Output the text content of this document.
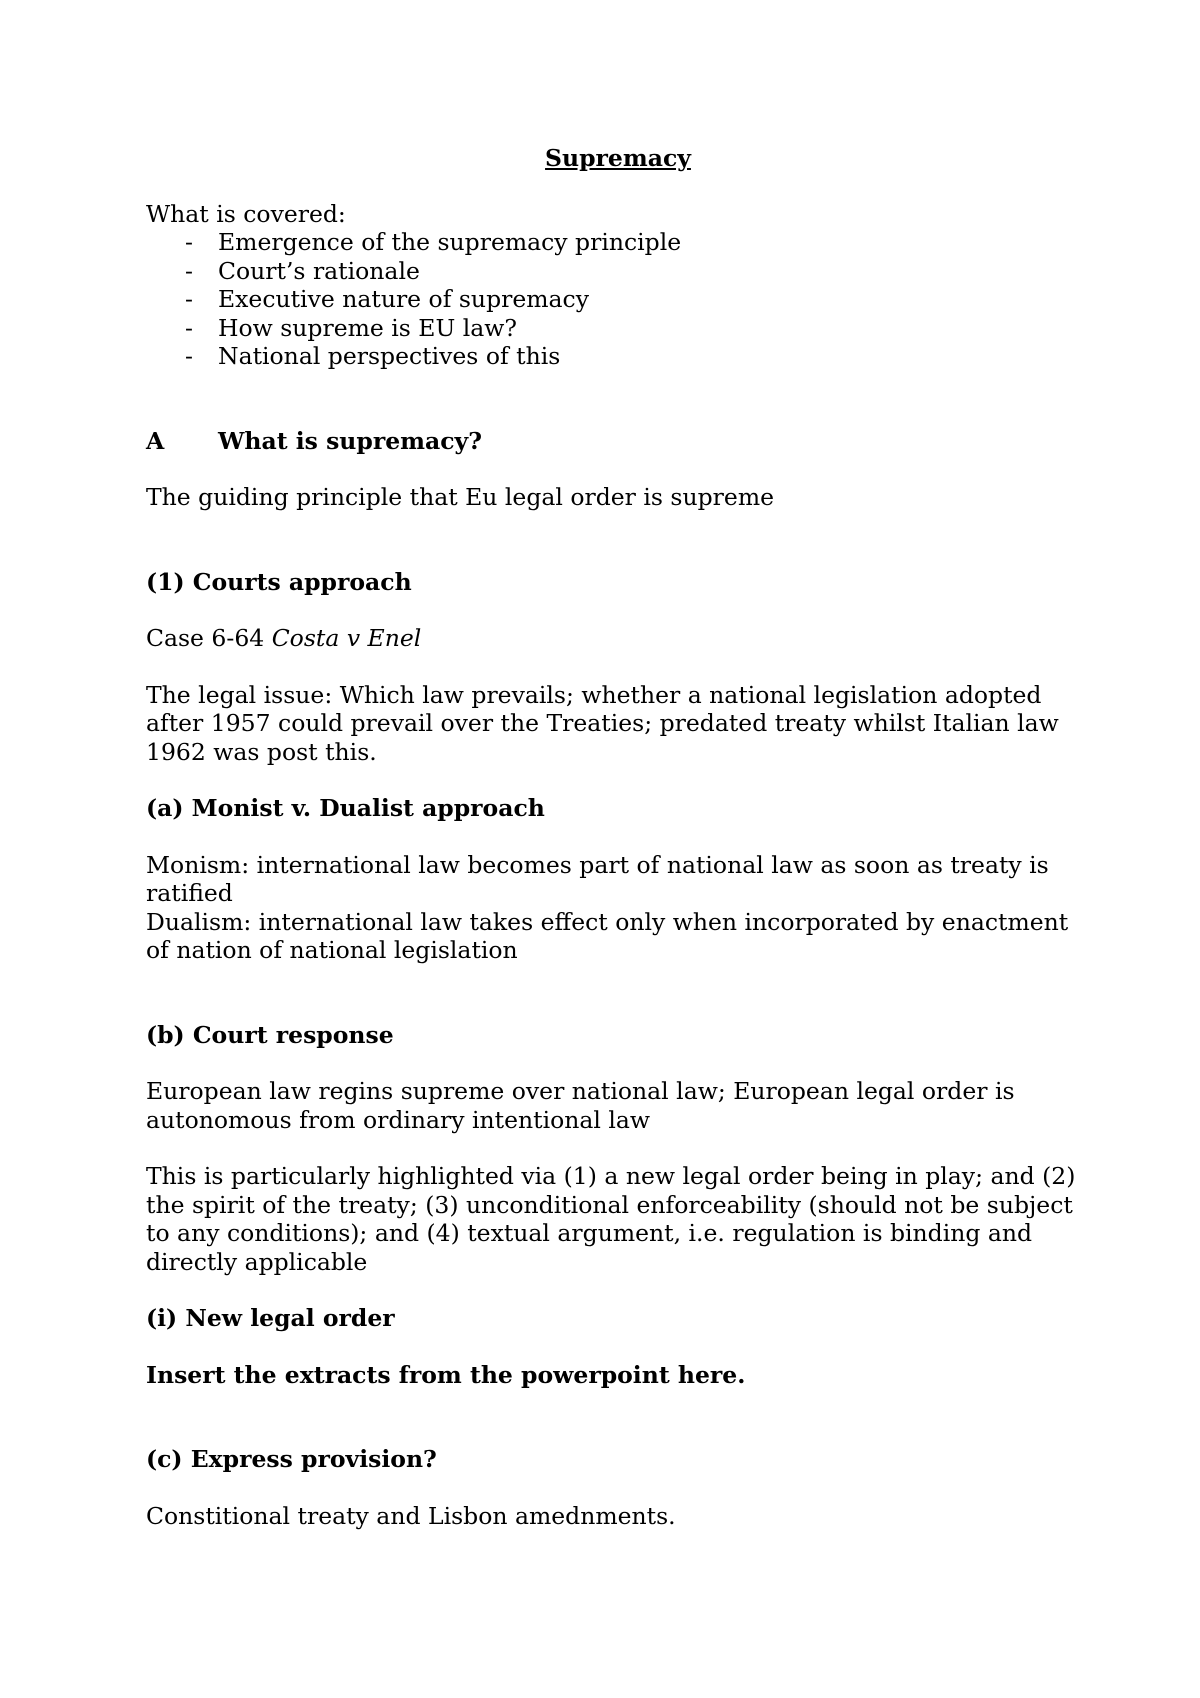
Supremacy

What is covered:

- Emergence of the supremacy principle
- Court’s rationale
- Executive nature of supremacy
- How supreme is EU law?
- National perspectives of this
A	What is supremacy?

The guiding principle that Eu legal order is supreme

(1) Courts approach

Case 6-64 Costa v Enel

The legal issue: Which law prevails; whether a national legislation adopted after 1957 could prevail over the Treaties; predated treaty whilst Italian law 1962 was post this.

(a) Monist v. Dualist approach

Monism: international law becomes part of national law as soon as treaty is ratified

Dualism: international law takes effect only when incorporated by enactment of nation of national legislation

(b) Court response

European law regins supreme over national law; European legal order is autonomous from ordinary intentional law

This is particularly highlighted via (1) a new legal order being in play; and (2) the spirit of the treaty; (3) unconditional enforceability (should not be subject to any conditions); and (4) textual argument, i.e. regulation is binding and directly applicable

(i) New legal order

Insert the extracts from the powerpoint here.

(c) Express provision?

Constitional treaty and Lisbon amednments.
